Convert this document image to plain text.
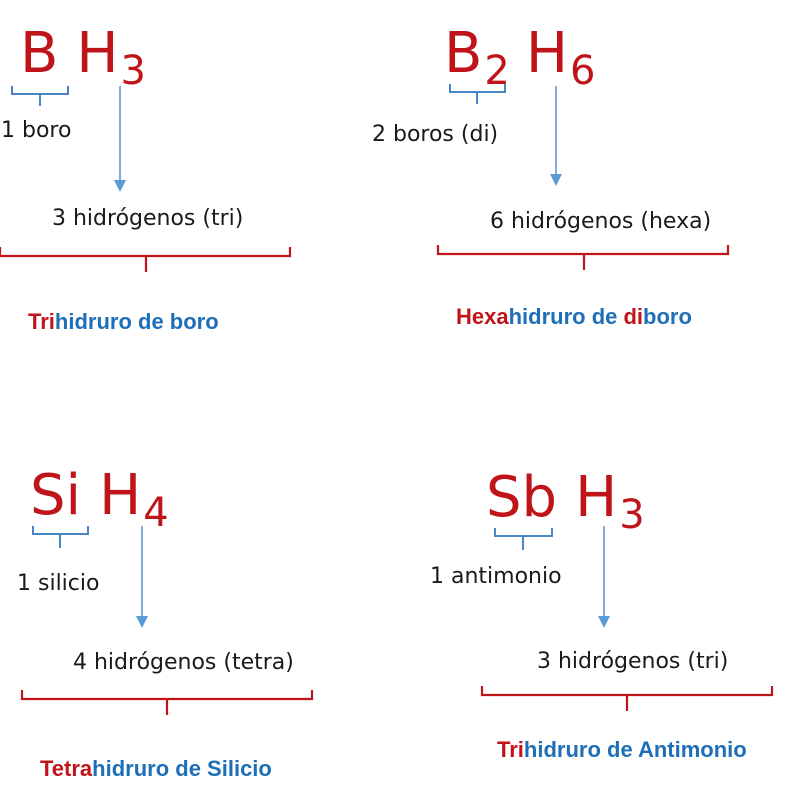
B $H_3$
1 boro
3 hidrógenos (tri)
Trihidruro de boro
$B_2$ $H_6$
2 boros (di)
6 hidrógenos (hexa)
Hexahidruro de diboro
Si $H_4$
1 silicio
4 hidrógenos (tetra)
Tetrahidruro de Silicio
Sb $H_3$
1 antimonio
3 hidrógenos (tri)
Trihidruro de Antimonio
